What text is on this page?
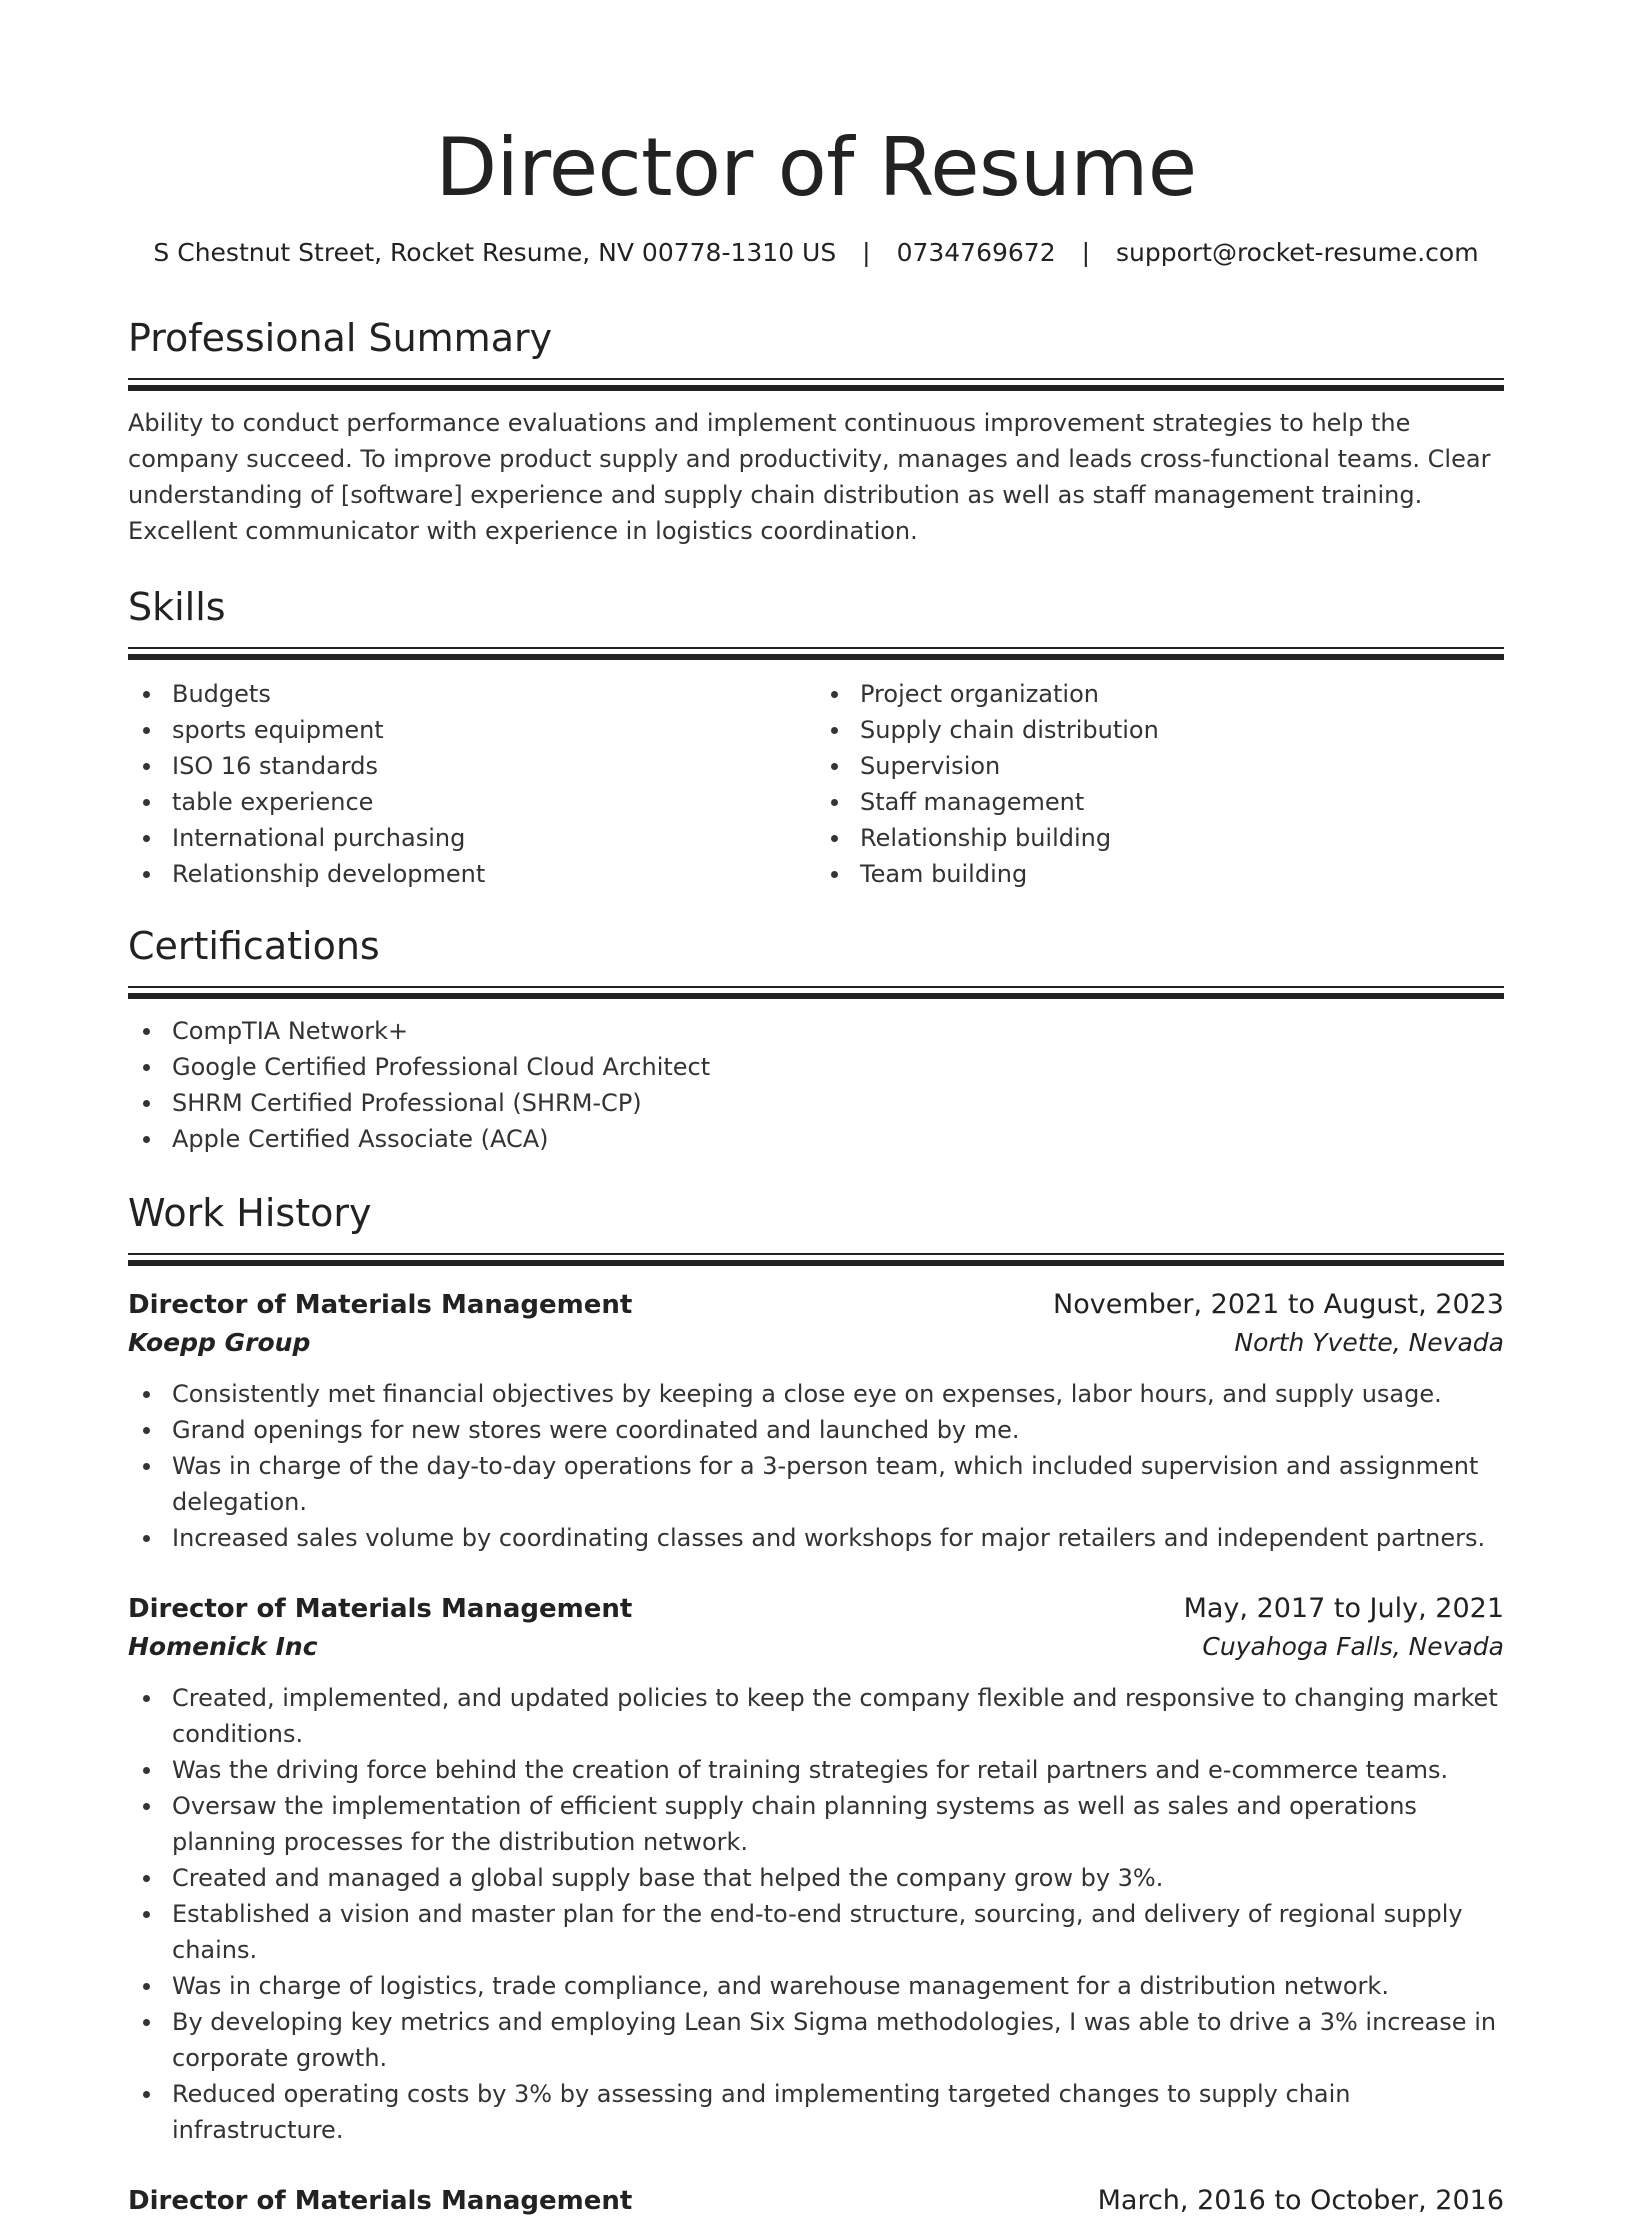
Director of Resume
S Chestnut Street, Rocket Resume, NV 00778-1310 US | 0734769672 | support@rocket-resume.com
Professional Summary

Ability to conduct performance evaluations and implement continuous improvement strategies to help the company succeed. To improve product supply and productivity, manages and leads cross-functional teams. Clear understanding of [software] experience and supply chain distribution as well as staff management training. Excellent communicator with experience in logistics coordination.

Skills
Budgets
sports equipment
ISO 16 standards
table experience
International purchasing
Relationship development
Project organization
Supply chain distribution
Supervision
Staff management
Relationship building
Team building
Certifications
CompTIA Network+
Google Certified Professional Cloud Architect
SHRM Certified Professional (SHRM-CP)
Apple Certified Associate (ACA)
Work History
Director of Materials Management	November, 2021 to August, 2023
Koepp Group	North Yvette, Nevada
Consistently met financial objectives by keeping a close eye on expenses, labor hours, and supply usage.
Grand openings for new stores were coordinated and launched by me.
Was in charge of the day-to-day operations for a 3-person team, which included supervision and assignment delegation.
Increased sales volume by coordinating classes and workshops for major retailers and independent partners.
Director of Materials Management	May, 2017 to July, 2021
Homenick Inc	Cuyahoga Falls, Nevada
Created, implemented, and updated policies to keep the company flexible and responsive to changing market conditions.
Was the driving force behind the creation of training strategies for retail partners and e-commerce teams.
Oversaw the implementation of efficient supply chain planning systems as well as sales and operations planning processes for the distribution network.
Created and managed a global supply base that helped the company grow by 3%.
Established a vision and master plan for the end-to-end structure, sourcing, and delivery of regional supply chains.
Was in charge of logistics, trade compliance, and warehouse management for a distribution network.
By developing key metrics and employing Lean Six Sigma methodologies, I was able to drive a 3% increase in corporate growth.
Reduced operating costs by 3% by assessing and implementing targeted changes to supply chain infrastructure.
Director of Materials Management	March, 2016 to October, 2016
